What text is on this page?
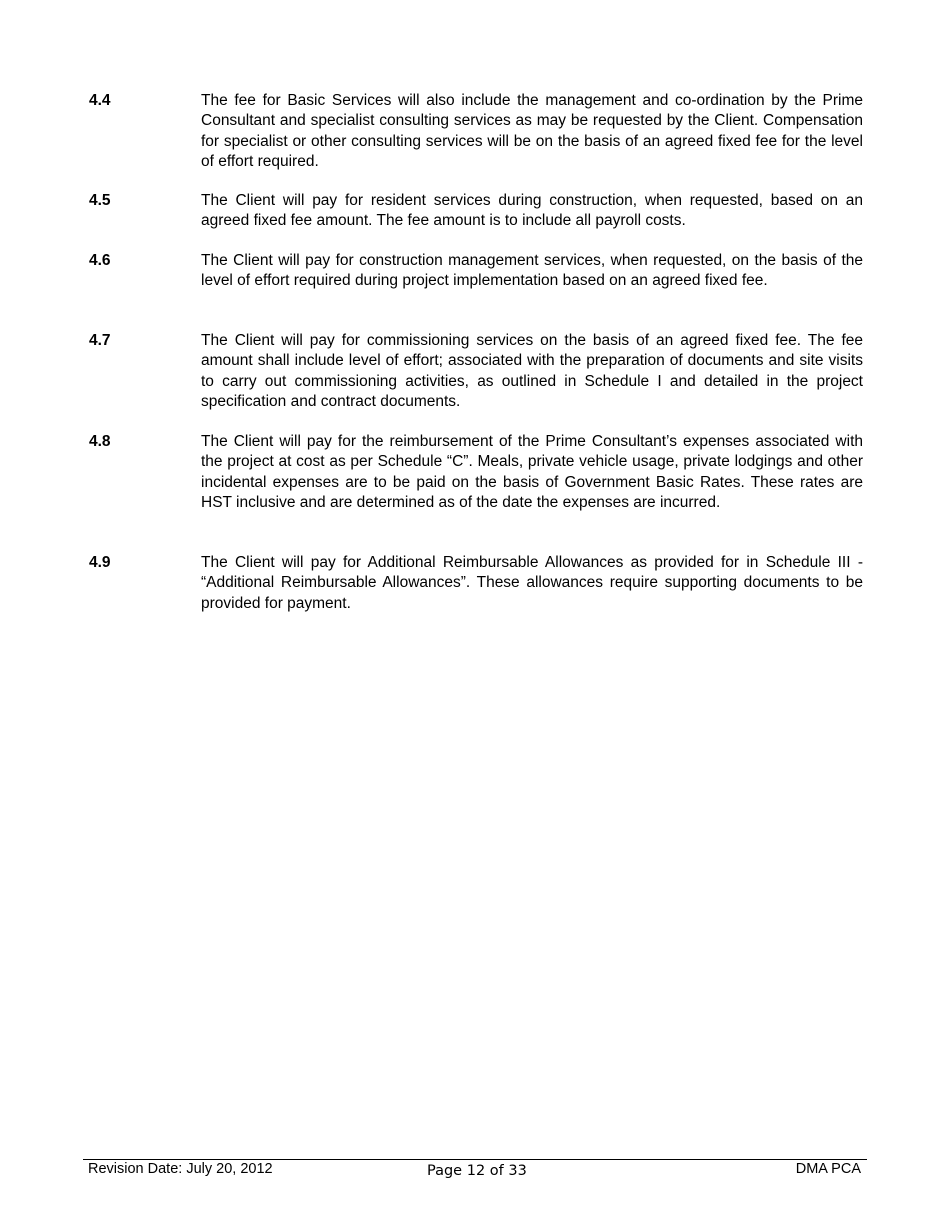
4.4	The fee for Basic Services will also include the management and co-ordination by the Prime Consultant and specialist consulting services as may be requested by the Client. Compensation for specialist or other consulting services will be on the basis of an agreed fixed fee for the level of effort required.
4.5	The Client will pay for resident services during construction, when requested, based on an agreed fixed fee amount. The fee amount is to include all payroll costs.
4.6	The Client will pay for construction management services, when requested, on the basis of the level of effort required during project implementation based on an agreed fixed fee.
4.7	The Client will pay for commissioning services on the basis of an agreed fixed fee. The fee amount shall include level of effort; associated with the preparation of documents and site visits to carry out commissioning activities, as outlined in Schedule I and detailed in the project specification and contract documents.
4.8	The Client will pay for the reimbursement of the Prime Consultant’s expenses associated with the project at cost as per Schedule “C”. Meals, private vehicle usage, private lodgings and other incidental expenses are to be paid on the basis of Government Basic Rates. These rates are HST inclusive and are determined as of the date the expenses are incurred.
4.9	The Client will pay for Additional Reimbursable Allowances as provided for in Schedule III - “Additional Reimbursable Allowances”. These allowances require supporting documents to be provided for payment.
Revision Date: July 20, 2012	Page 12 of 33	DMA PCA
